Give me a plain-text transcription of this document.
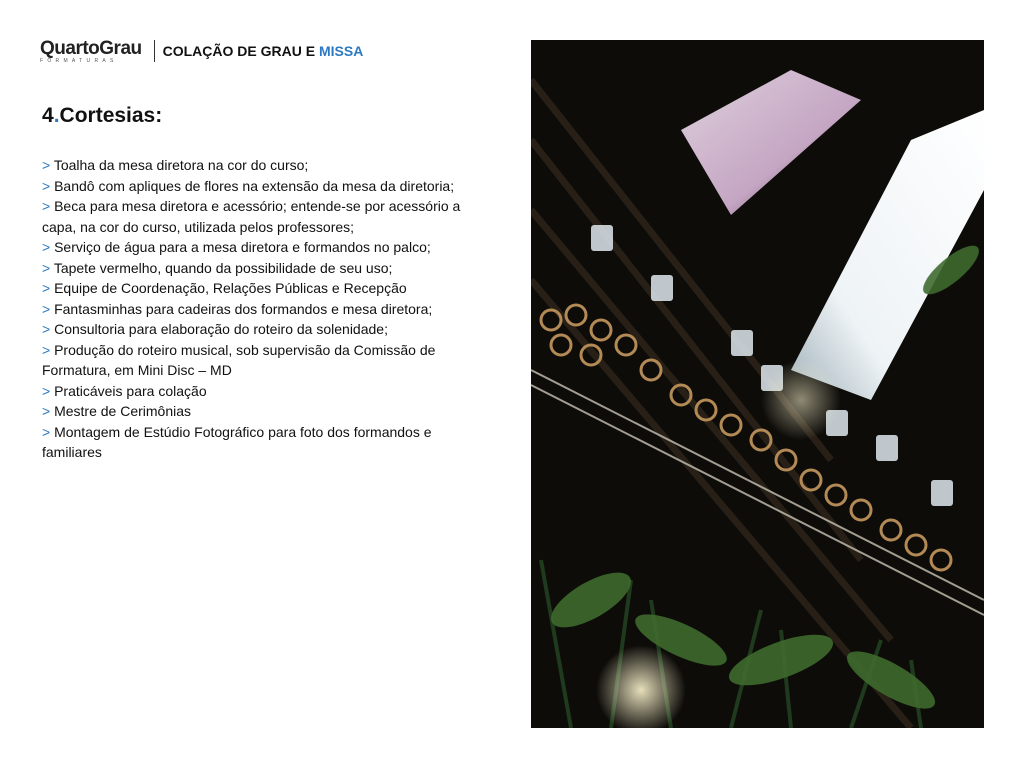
QuartoGrau
FORMATURAS
COLAÇÃO DE GRAU E MISSA
4.Cortesias:
> Toalha da mesa diretora na cor do curso;
> Bandô com apliques de flores na extensão da mesa da diretoria;
> Beca para mesa diretora e acessório; entende-se por acessório a capa, na cor do curso, utilizada pelos professores;
> Serviço de água para a mesa diretora e formandos no palco;
> Tapete vermelho, quando da possibilidade de seu uso;
> Equipe de Coordenação, Relações Públicas e Recepção
> Fantasminhas para cadeiras dos formandos e mesa diretora;
> Consultoria para elaboração do roteiro da solenidade;
> Produção do roteiro musical, sob supervisão da Comissão de Formatura, em Mini Disc – MD
> Praticáveis para colação
> Mestre de Cerimônias
> Montagem de Estúdio Fotográfico para foto dos formandos e familiares
